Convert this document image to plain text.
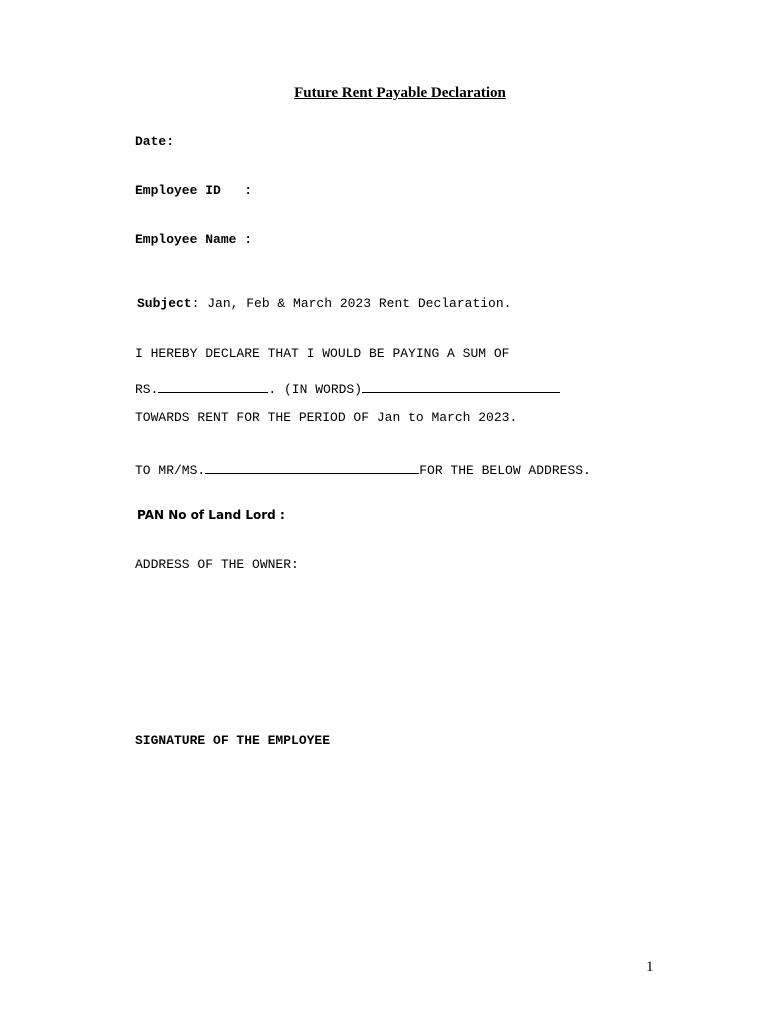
Future Rent Payable Declaration
Date:
Employee ID   :
Employee Name :
Subject: Jan, Feb & March 2023 Rent Declaration.
I HEREBY DECLARE THAT I WOULD BE PAYING A SUM OF
RS.	. (IN WORDS)
TOWARDS RENT FOR THE PERIOD OF Jan to March 2023.
TO MR/MS.	FOR THE BELOW ADDRESS.
PAN No of Land Lord :
ADDRESS OF THE OWNER:
SIGNATURE OF THE EMPLOYEE
1
